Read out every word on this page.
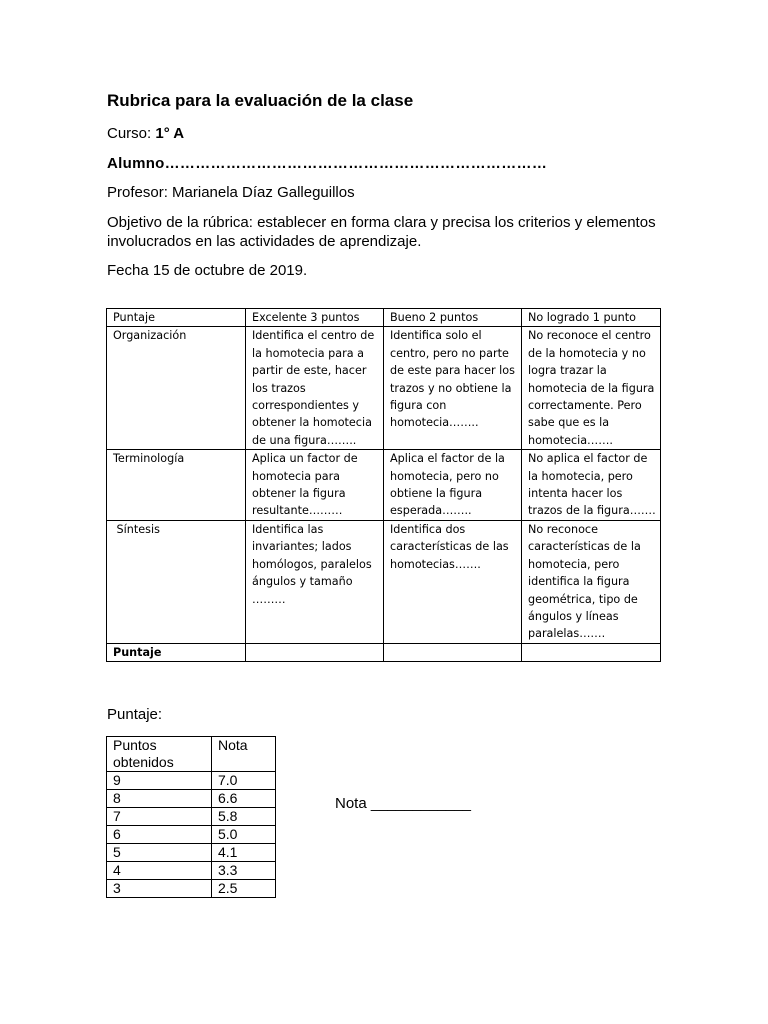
Rubrica para la evaluación de la clase
Curso: 1° A
Alumno…………………………………………………………………
Profesor: Marianela Díaz Galleguillos
Objetivo de la rúbrica: establecer en forma clara y precisa los criterios y elementos involucrados en las actividades de aprendizaje.
Fecha 15 de octubre de 2019.
Puntaje	Excelente 3 puntos	Bueno 2 puntos	No logrado 1 punto
Organización	Identifica el centro de la homotecia para a partir de este, hacer los trazos correspondientes y obtener la homotecia de una figura……..	Identifica solo el centro, pero no parte de este para hacer los trazos y no obtiene la figura con homotecia……..	No reconoce el centro de la homotecia y no logra trazar la homotecia de la figura correctamente. Pero sabe que es la homotecia…….
Terminología	Aplica un factor de homotecia para obtener la figura resultante………	Aplica el factor de la homotecia, pero no obtiene la figura esperada……..	No aplica el factor de la homotecia, pero intenta hacer los trazos de la figura…….
Síntesis	Identifica las invariantes; lados homólogos, paralelos ángulos y tamaño ………	Identifica dos características de las homotecias…….	No reconoce características de la homotecia, pero identifica la figura geométrica, tipo de ángulos y líneas paralelas…….
Puntaje			
Puntaje:
Puntos obtenidos	Nota
9	7.0
8	6.6
7	5.8
6	5.0
5	4.1
4	3.3
3	2.5
Nota ____________
